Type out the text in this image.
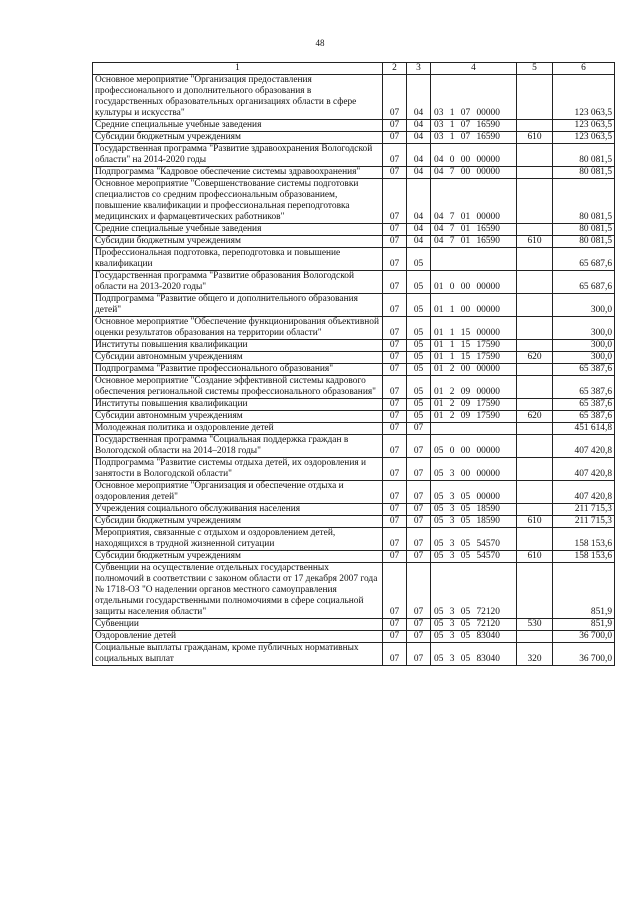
48
1	2	3	4	5	6
Основное мероприятие "Организация предоставления профессионального и дополнительного образования в государственных образовательных организациях области в сфере культуры и искусства"	07	04	03 1 07 00000		123 063,5
Средние специальные учебные заведения	07	04	03 1 07 16590		123 063,5
Субсидии бюджетным учреждениям	07	04	03 1 07 16590	610	123 063,5
Государственная программа "Развитие здравоохранения Вологодской области" на 2014-2020 годы	07	04	04 0 00 00000		80 081,5
Подпрограмма "Кадровое обеспечение системы здравоохранения"	07	04	04 7 00 00000		80 081,5
Основное мероприятие "Совершенствование системы подготовки специалистов со средним профессиональным образованием, повышение квалификации и профессиональная переподготовка медицинских и фармацевтических работников"	07	04	04 7 01 00000		80 081,5
Средние специальные учебные заведения	07	04	04 7 01 16590		80 081,5
Субсидии бюджетным учреждениям	07	04	04 7 01 16590	610	80 081,5
Профессиональная подготовка, переподготовка и повышение квалификации	07	05			65 687,6
Государственная программа "Развитие образования Вологодской области на 2013-2020 годы"	07	05	01 0 00 00000		65 687,6
Подпрограмма "Развитие общего и дополнительного образования детей"	07	05	01 1 00 00000		300,0
Основное мероприятие "Обеспечение функционирования объективной оценки результатов образования на территории области"	07	05	01 1 15 00000		300,0
Институты повышения квалификации	07	05	01 1 15 17590		300,0
Субсидии автономным учреждениям	07	05	01 1 15 17590	620	300,0
Подпрограмма "Развитие профессионального образования"	07	05	01 2 00 00000		65 387,6
Основное мероприятие "Создание эффективной системы кадрового обеспечения региональной системы профессионального образования"	07	05	01 2 09 00000		65 387,6
Институты повышения квалификации	07	05	01 2 09 17590		65 387,6
Субсидии автономным учреждениям	07	05	01 2 09 17590	620	65 387,6
Молодежная политика и оздоровление детей	07	07			451 614,8
Государственная программа "Социальная поддержка граждан в Вологодской области на 2014–2018 годы"	07	07	05 0 00 00000		407 420,8
Подпрограмма "Развитие системы отдыха детей, их оздоровления и занятости в Вологодской области"	07	07	05 3 00 00000		407 420,8
Основное мероприятие "Организация и обеспечение отдыха и оздоровления детей"	07	07	05 3 05 00000		407 420,8
Учреждения социального обслуживания населения	07	07	05 3 05 18590		211 715,3
Субсидии бюджетным учреждениям	07	07	05 3 05 18590	610	211 715,3
Мероприятия, связанные с отдыхом и оздоровлением детей, находящихся в трудной жизненной ситуации	07	07	05 3 05 54570		158 153,6
Субсидии бюджетным учреждениям	07	07	05 3 05 54570	610	158 153,6
Субвенции на осуществление отдельных государственных полномочий в соответствии с законом области от 17 декабря 2007 года № 1718-ОЗ "О наделении органов местного самоуправления отдельными государственными полномочиями в сфере социальной защиты населения области"	07	07	05 3 05 72120		851,9
Субвенции	07	07	05 3 05 72120	530	851,9
Оздоровление детей	07	07	05 3 05 83040		36 700,0
Социальные выплаты гражданам, кроме публичных нормативных социальных выплат	07	07	05 3 05 83040	320	36 700,0
